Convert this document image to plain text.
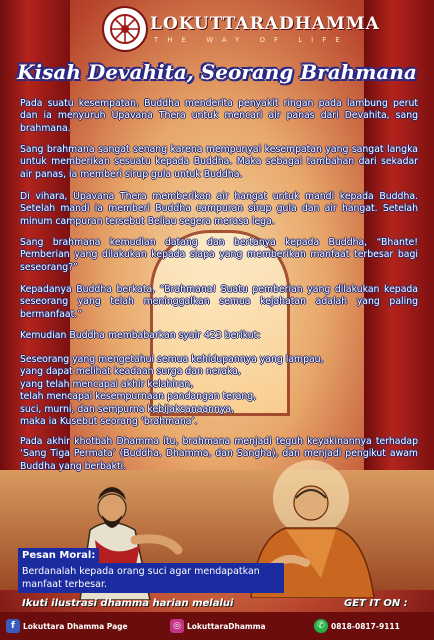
LOKUTTARADHAMMA
THE WAY OF LIFE
Kisah Devahita, Seorang Brahmana
Pada suatu kesempatan, Buddha menderita penyakit ringan pada lambung perut dan ia menyuruh Upavana Thera untuk mencari air panas dari Devahita, sang brahmana.
Sang brahmana sangat senang karena mempunyai kesempatan yang sangat langka untuk memberikan sesuatu kepada Buddha. Maka sebagai tambahan dari sekadar air panas, ia memberi sirup gula untuk Buddha.
Di vihara, Upavana Thera memberikan air hangat untuk mandi kepada Buddha. Setelah mandi ia memberi Buddha campuran sirup gula dan air hangat. Setelah minum campuran tersebut Beliau segera merasa lega.
Sang brahmana kemudian datang dan bertanya kepada Buddha, “Bhante! Pemberian yang dilakukan kepada siapa yang memberikan manfaat terbesar bagi seseorang?”
Kepadanya Buddha berkata, “Brahmana! Suatu pemberian yang dilakukan kepada seseorang yang telah meninggalkan semua kejahatan adalah yang paling bermanfaat.”
Kemudian Buddha membabarkan syair 423 berikut:
Seseorang yang mengetahui semua kehidupannya yang lampau,
yang dapat melihat keadaan surga dan neraka,
yang telah mencapai akhir kelahiran,
telah mencapai kesempurnaan pandangan terang,
suci, murni, dan sempurna kebijaksanaannya,
maka ia Kusebut seorang ‘brahmana’.
Pada akhir khotbah Dhamma itu, brahmana menjadi teguh keyakinannya terhadap ‘Sang Tiga Permata’ (Buddha, Dhamma, dan Sangha), dan menjadi pengikut awam Buddha yang berbakti.
Pesan Moral:
Berdanalah kepada orang suci agar mendapatkan manfaat terbesar.
Ikuti ilustrasi dhamma harian melalui	GET IT ON :
f	Lokuttara Dhamma Page	◎ LokuttaraDhamma	✆ 0818-0817-9111
